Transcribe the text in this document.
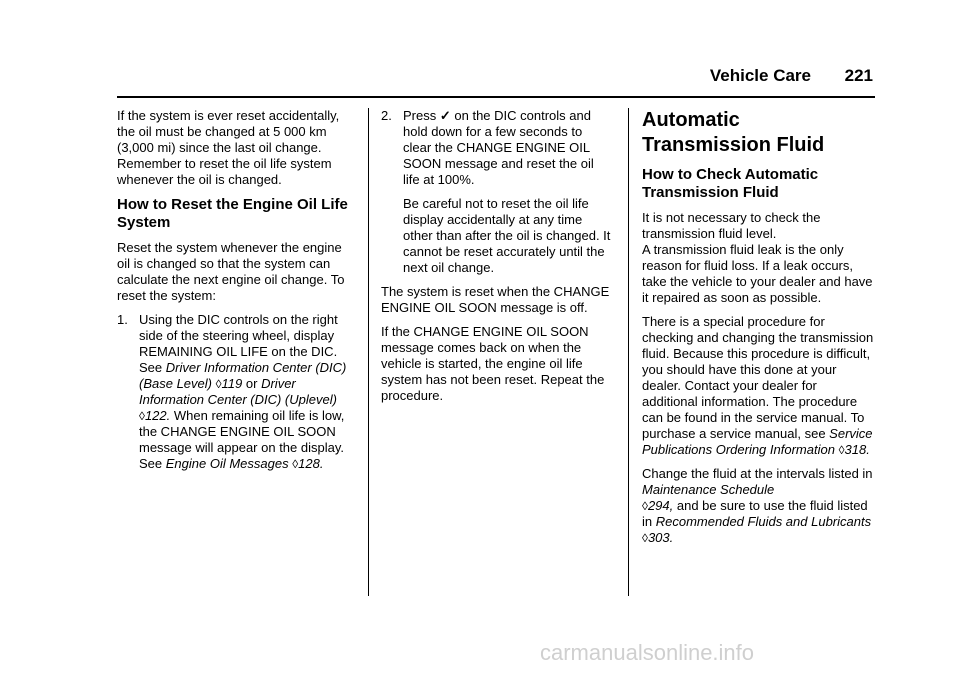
Vehicle Care 221

If the system is ever reset accidentally, the oil must be changed at 5 000 km (3,000 mi) since the last oil change. Remember to reset the oil life system whenever the oil is changed.

How to Reset the Engine Oil Life System

Reset the system whenever the engine oil is changed so that the system can calculate the next engine oil change. To reset the system:

1. Using the DIC controls on the right side of the steering wheel, display REMAINING OIL LIFE on the DIC.
See Driver Information Center (DIC) (Base Level) ◊119 or Driver Information Center (DIC) (Uplevel) ◊122. When remaining oil life is low, the CHANGE ENGINE OIL SOON message will appear on the display. See Engine Oil Messages ◊128.
2. Press ✓ on the DIC controls and hold down for a few seconds to clear the CHANGE ENGINE OIL SOON message and reset the oil life at 100%.
Be careful not to reset the oil life display accidentally at any time other than after the oil is changed. It cannot be reset accurately until the next oil change.

The system is reset when the CHANGE ENGINE OIL SOON message is off.

If the CHANGE ENGINE OIL SOON message comes back on when the vehicle is started, the engine oil life system has not been reset. Repeat the procedure.

Automatic Transmission Fluid
How to Check Automatic Transmission Fluid

It is not necessary to check the transmission fluid level.
A transmission fluid leak is the only reason for fluid loss. If a leak occurs, take the vehicle to your dealer and have it repaired as soon as possible.

There is a special procedure for checking and changing the transmission fluid. Because this procedure is difficult, you should have this done at your dealer. Contact your dealer for additional information. The procedure can be found in the service manual. To purchase a service manual, see Service Publications Ordering Information ◊318.

Change the fluid at the intervals listed in Maintenance Schedule
◊294, and be sure to use the fluid listed in Recommended Fluids and Lubricants ◊303.

carmanualsonline.info
